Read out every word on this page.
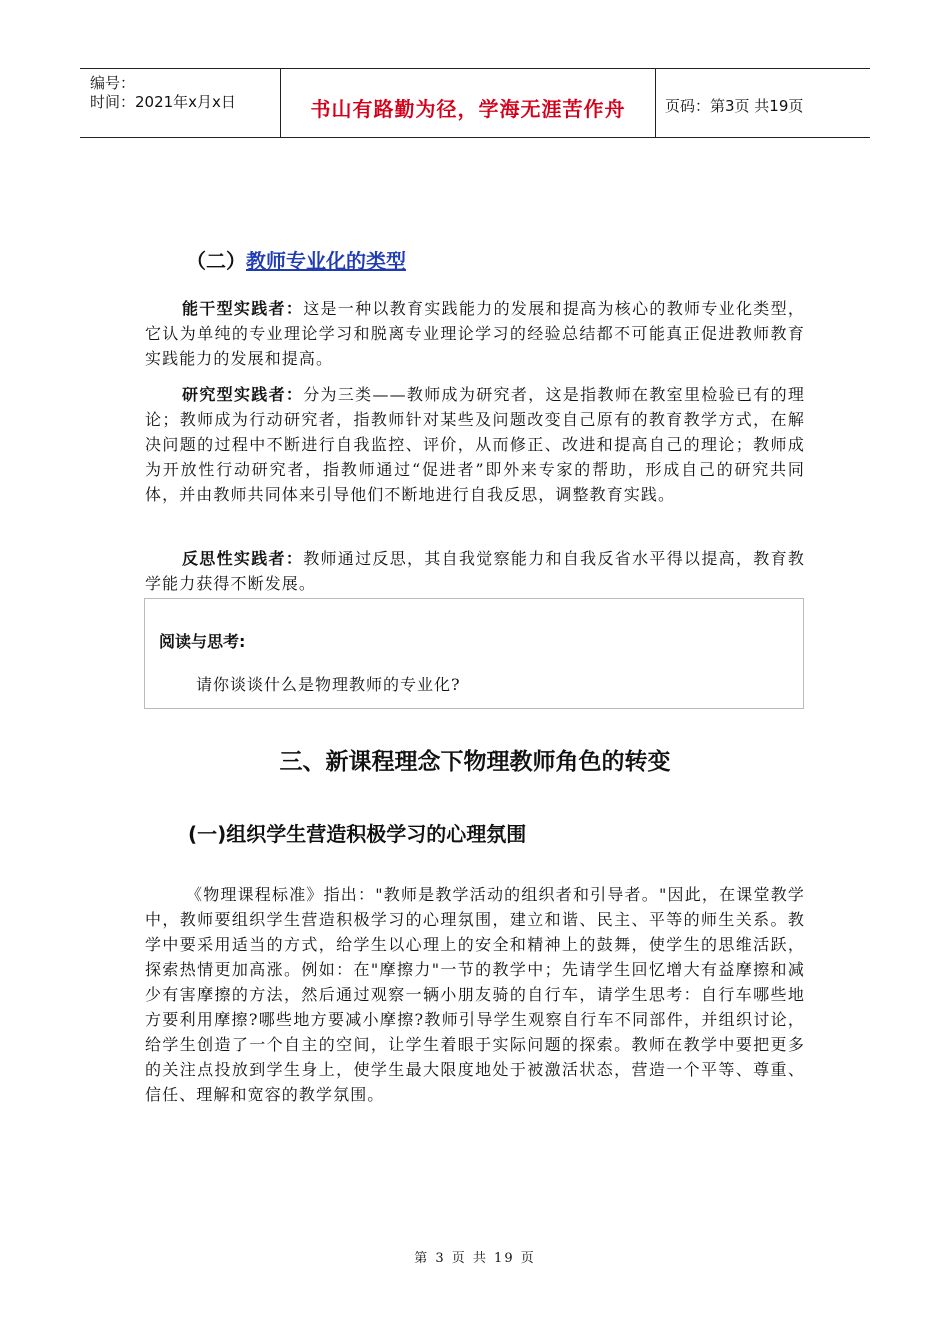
编号：
时间：2021年x月x日	书山有路勤为径，学海无涯苦作舟	页码：第3页 共19页
（二）教师专业化的类型
能干型实践者：这是一种以教育实践能力的发展和提高为核心的教师专业化类型，它认为单纯的专业理论学习和脱离专业理论学习的经验总结都不可能真正促进教师教育实践能力的发展和提高。
研究型实践者：分为三类——教师成为研究者，这是指教师在教室里检验已有的理论；教师成为行动研究者，指教师针对某些及问题改变自己原有的教育教学方式，在解决问题的过程中不断进行自我监控、评价，从而修正、改进和提高自己的理论；教师成为开放性行动研究者，指教师通过“促进者”即外来专家的帮助，形成自己的研究共同体，并由教师共同体来引导他们不断地进行自我反思，调整教育实践。
反思性实践者：教师通过反思，其自我觉察能力和自我反省水平得以提高，教育教学能力获得不断发展。
阅读与思考:
请你谈谈什么是物理教师的专业化?
三、新课程理念下物理教师角色的转变
(一)组织学生营造积极学习的心理氛围
《物理课程标准》指出："教师是教学活动的组织者和引导者。"因此，在课堂教学中，教师要组织学生营造积极学习的心理氛围，建立和谐、民主、平等的师生关系。教学中要采用适当的方式，给学生以心理上的安全和精神上的鼓舞，使学生的思维活跃，探索热情更加高涨。例如：在"摩擦力"一节的教学中；先请学生回忆增大有益摩擦和减少有害摩擦的方法，然后通过观察一辆小朋友骑的自行车，请学生思考：自行车哪些地方要利用摩擦?哪些地方要减小摩擦?教师引导学生观察自行车不同部件，并组织讨论，给学生创造了一个自主的空间，让学生着眼于实际问题的探索。教师在教学中要把更多的关注点投放到学生身上，使学生最大限度地处于被激活状态，营造一个平等、尊重、信任、理解和宽容的教学氛围。
第 3 页 共 19 页
